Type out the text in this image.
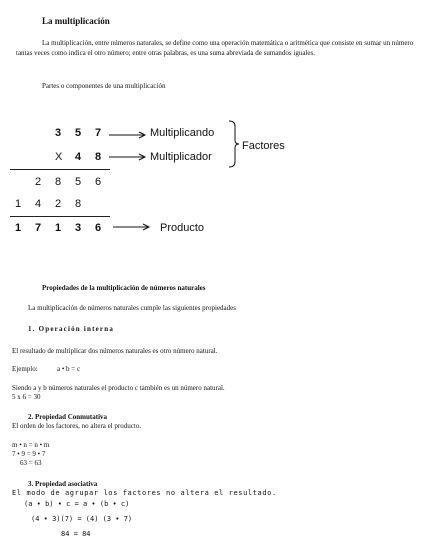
La multiplicación
La multiplicación, entre números naturales, se define como una operación matemática o aritmética que consiste en sumar un número tantas veces como indica el otro número; entre otras palabras, es una suma abreviada de sumandos iguales.
Partes o componentes de una multiplicación
3 5 7
X 4 8
2 8 5 6
1 4 2 8
1 7 1 3 6
Multiplicando
Multiplicador
Factores
Producto
Propiedades de la multiplicación de números naturales
La multiplicación de números naturales cumple las siguientes propiedades
1. Operación interna
El resultado de multiplicar dos números naturales es otro número natural.
Ejemplo:	a • b = c
Siendo a y b números naturales el producto c también es un número natural.
5 x 6 = 30
2. Propiedad Conmutativa
El orden de los factores, no altera el producto.
m • n = n • m
7 • 9 = 9 • 7
63 = 63
3. Propiedad asociativa
El modo de agrupar los factores no altera el resultado.
(a • b) • c = a • (b • c)
(4 • 3)(7) = (4) (3 • 7)
84 = 84
